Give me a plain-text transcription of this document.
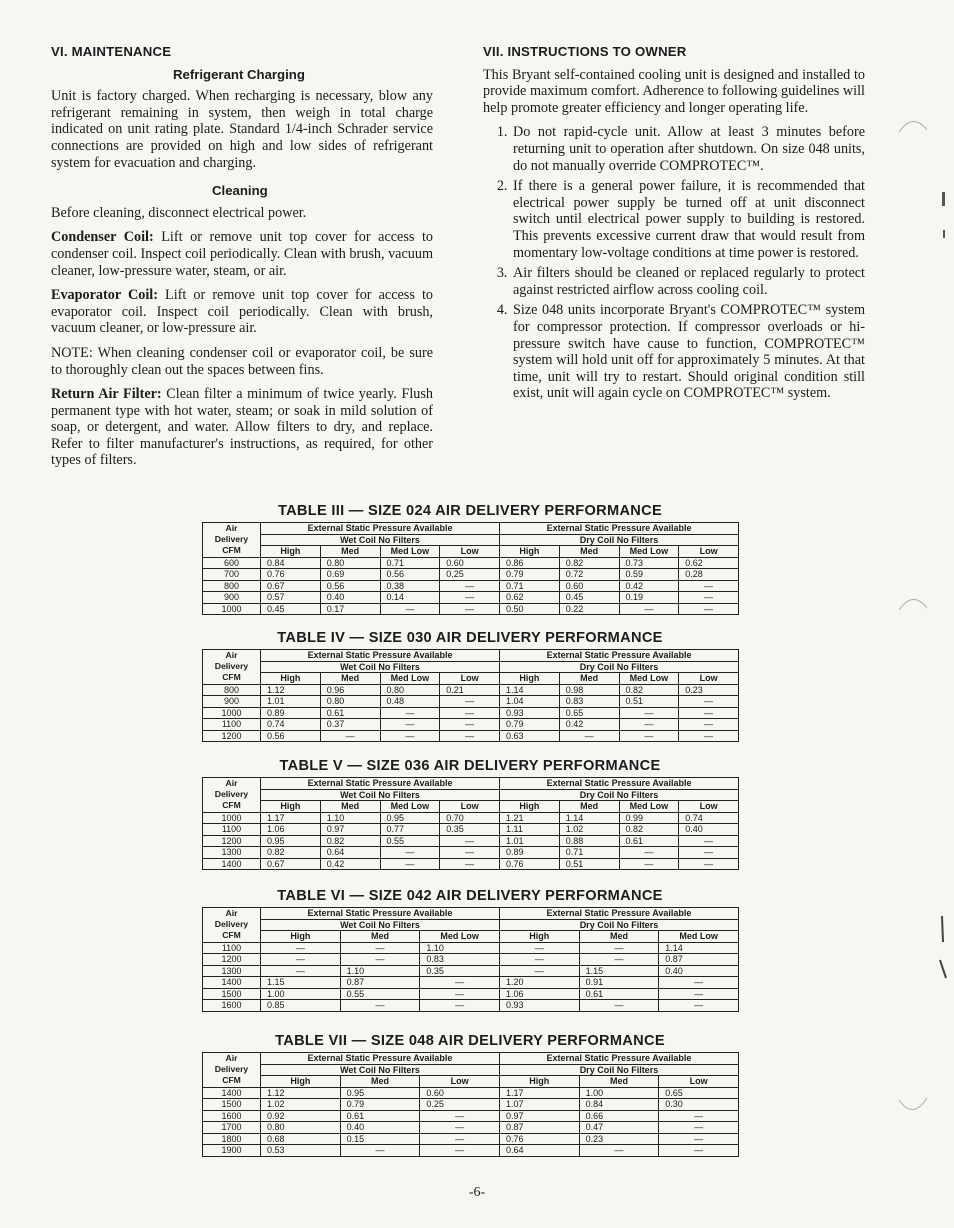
VI. MAINTENANCE
Refrigerant Charging

Unit is factory charged. When recharging is necessary, blow any refrigerant remaining in system, then weigh in total charge indicated on unit rating plate. Standard 1/4-inch Schrader service connections are provided on high and low sides of refrigerant system for evacuation and charging.

Cleaning

Before cleaning, disconnect electrical power.

Condenser Coil: Lift or remove unit top cover for access to condenser coil. Inspect coil periodically. Clean with brush, vacuum cleaner, low-pressure water, steam, or air.

Evaporator Coil: Lift or remove unit top cover for access to evaporator coil. Inspect coil periodically. Clean with brush, vacuum cleaner, or low-pressure air.

NOTE: When cleaning condenser coil or evaporator coil, be sure to thoroughly clean out the spaces between fins.

Return Air Filter: Clean filter a minimum of twice yearly. Flush permanent type with hot water, steam; or soak in mild solution of soap, or detergent, and water. Allow filters to dry, and replace. Refer to filter manufacturer's instructions, as required, for other types of filters.

VII. INSTRUCTIONS TO OWNER

This Bryant self-contained cooling unit is designed and installed to provide maximum comfort. Adherence to following guidelines will help promote greater efficiency and longer operating life.

1. Do not rapid-cycle unit. Allow at least 3 minutes before returning unit to operation after shutdown. On size 048 units, do not manually override COMPROTEC™.
2. If there is a general power failure, it is recommended that electrical power supply be turned off at unit disconnect switch until electrical power supply to building is restored. This prevents excessive current draw that would result from momentary low-voltage conditions at time power is restored.
3. Air filters should be cleaned or replaced regularly to protect against restricted airflow across cooling coil.
4. Size 048 units incorporate Bryant's COMPROTEC™ system for compressor protection. If compressor overloads or hi-pressure switch have cause to function, COMPROTEC™ system will hold unit off for approximately 5 minutes. At that time, unit will try to restart. Should original condition still exist, unit will again cycle on COMPROTEC™ system.
TABLE III — SIZE 024 AIR DELIVERY PERFORMANCE
Air
Delivery
CFM	External Static Pressure Available				External Static Pressure Available			
	Wet Coil No Filters				Dry Coil No Filters			
	High	Med	Med Low	Low	High	Med	Med Low	Low
600	0.84	0.80	0.71	0.60	0.86	0.82	0.73	0.62
700	0.76	0.69	0.56	0.25	0.79	0.72	0.59	0.28
800	0.67	0.56	0.38	—	0.71	0.60	0.42	—
900	0.57	0.40	0.14	—	0.62	0.45	0.19	—
1000	0.45	0.17	—	—	0.50	0.22	—	—
TABLE IV — SIZE 030 AIR DELIVERY PERFORMANCE
Air
Delivery
CFM	External Static Pressure Available				External Static Pressure Available			
	Wet Coil No Filters				Dry Coil No Filters			
	High	Med	Med Low	Low	High	Med	Med Low	Low
800	1.12	0.96	0.80	0.21	1.14	0.98	0.82	0.23
900	1.01	0.80	0.48	—	1.04	0.83	0.51	—
1000	0.89	0.61	—	—	0.93	0.65	—	—
1100	0.74	0.37	—	—	0.79	0.42	—	—
1200	0.56	—	—	—	0.63	—	—	—
TABLE V — SIZE 036 AIR DELIVERY PERFORMANCE
Air
Delivery
CFM	External Static Pressure Available				External Static Pressure Available			
	Wet Coil No Filters				Dry Coil No Filters			
	High	Med	Med Low	Low	High	Med	Med Low	Low
1000	1.17	1.10	0.95	0.70	1.21	1.14	0.99	0.74
1100	1.06	0.97	0.77	0.35	1.11	1.02	0.82	0.40
1200	0.95	0.82	0.55	—	1.01	0.88	0.61	—
1300	0.82	0.64	—	—	0.89	0.71	—	—
1400	0.67	0.42	—	—	0.76	0.51	—	—
TABLE VI — SIZE 042 AIR DELIVERY PERFORMANCE
Air
Delivery
CFM	External Static Pressure Available			External Static Pressure Available		
	Wet Coil No Filters			Dry Coil No Filters		
	High	Med	Med Low	High	Med	Med Low
1100	—	—	1.10	—	—	1.14
1200	—	—	0.83	—	—	0.87
1300	—	1.10	0.35	—	1.15	0.40
1400	1.15	0.87	—	1.20	0.91	—
1500	1.00	0.55	—	1.06	0.61	—
1600	0.85	—	—	0.93	—	—
TABLE VII — SIZE 048 AIR DELIVERY PERFORMANCE
Air
Delivery
CFM	External Static Pressure Available			External Static Pressure Available		
	Wet Coil No Filters			Dry Coil No Filters		
	High	Med	Low	High	Med	Low
1400	1.12	0.95	0.60	1.17	1.00	0.65
1500	1.02	0.79	0.25	1.07	0.84	0.30
1600	0.92	0.61	—	0.97	0.66	—
1700	0.80	0.40	—	0.87	0.47	—
1800	0.68	0.15	—	0.76	0.23	—
1900	0.53	—	—	0.64	—	—
-6-
